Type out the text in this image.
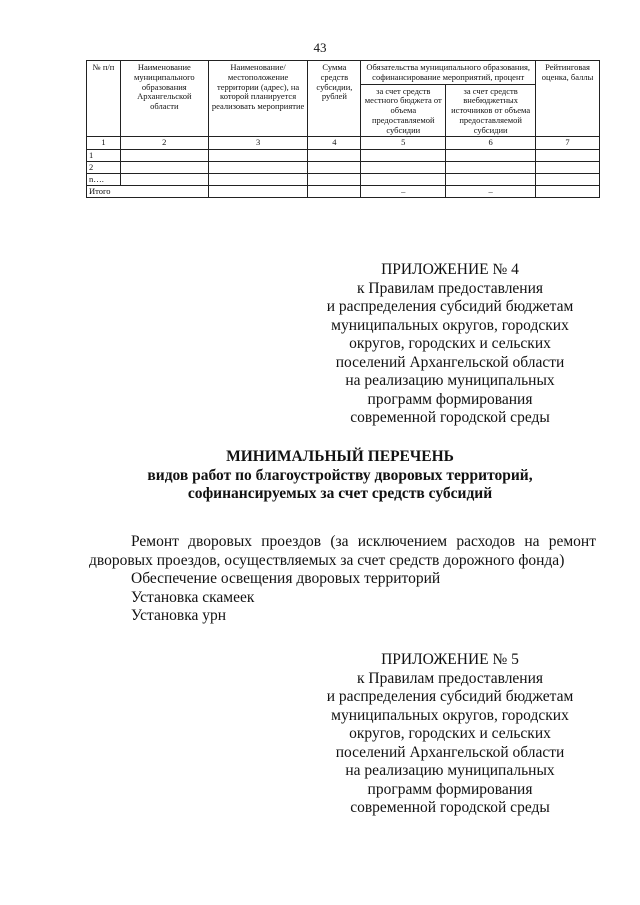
43
№ п/п	Наименование муниципального образования Архангельской области	Наименование/ местоположение территории (адрес), на которой планируется реализовать мероприятие	Сумма средств субсидии, рублей	Обязательства муниципального образования, софинансирование мероприятий, процент		Рейтинговая оценка, баллы
				за счет средств местного бюджета от объема предоставляемой субсидии	за счет средств внебюджетных источников от объема предоставляемой субсидии	
1	2	3	4	5	6	7
1						
2						
n….						
Итого				–	–	
ПРИЛОЖЕНИЕ № 4
к Правилам предоставления
и распределения субсидий бюджетам
муниципальных округов, городских
округов, городских и сельских
поселений Архангельской области
на реализацию муниципальных
программ формирования
современной городской среды
МИНИМАЛЬНЫЙ ПЕРЕЧЕНЬ
видов работ по благоустройству дворовых территорий,
софинансируемых за счет средств субсидий

Ремонт дворовых проездов (за исключением расходов на ремонт дворовых проездов, осуществляемых за счет средств дорожного фонда)

Обеспечение освещения дворовых территорий

Установка скамеек

Установка урн

ПРИЛОЖЕНИЕ № 5
к Правилам предоставления
и распределения субсидий бюджетам
муниципальных округов, городских
округов, городских и сельских
поселений Архангельской области
на реализацию муниципальных
программ формирования
современной городской среды
